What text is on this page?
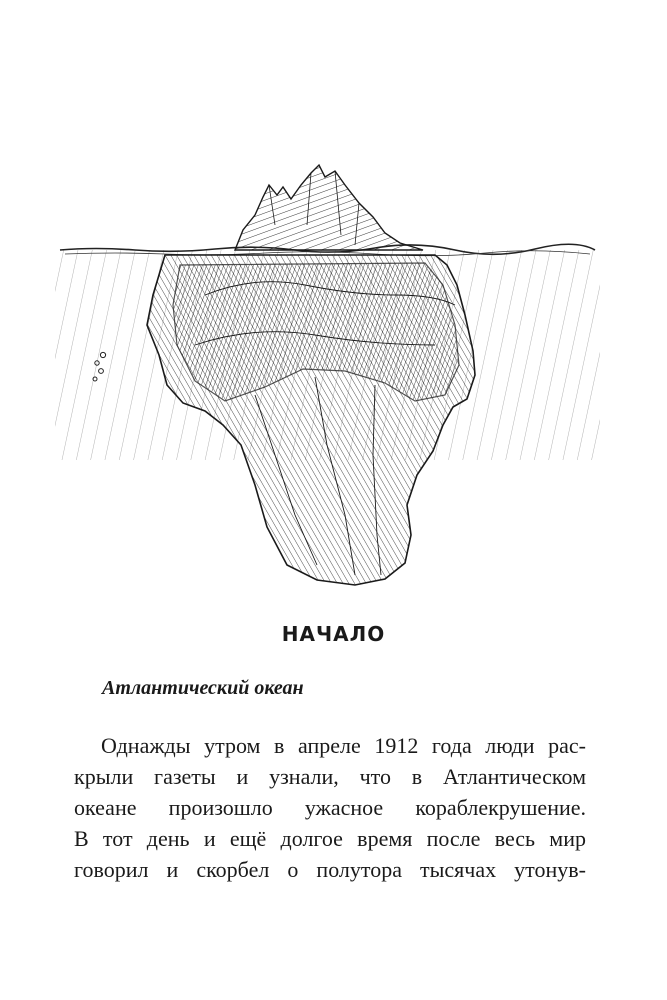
НАЧАЛО
Атлантический океан
Однажды утром в апреле 1912 года люди рас-
крыли газеты и узнали, что в Атлантическом
океане произошло ужасное кораблекрушение.
В тот день и ещё долгое время после весь мир
говорил и скорбел о полутора тысячах утонув-
